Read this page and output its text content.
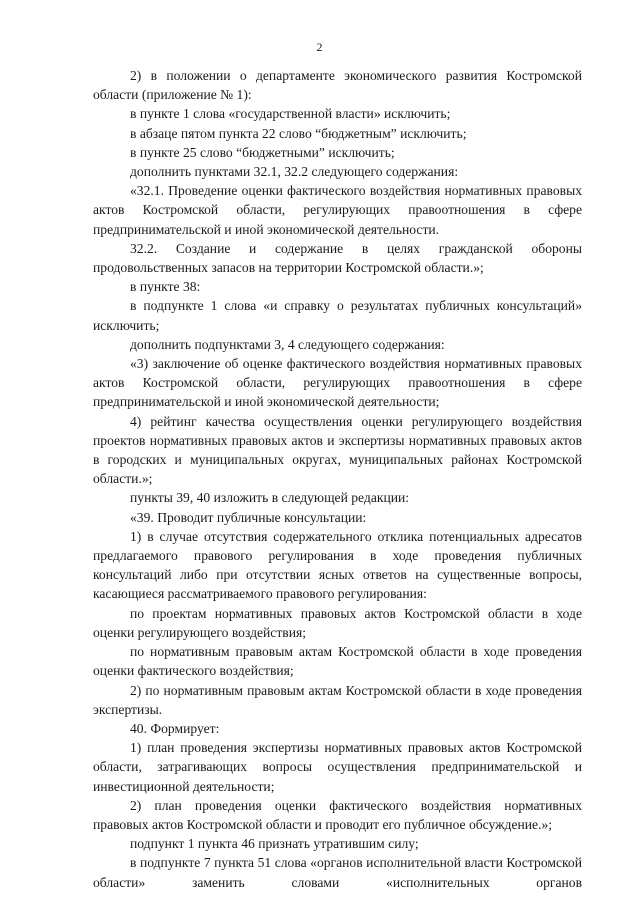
2

2) в положении о департаменте экономического развития Костромской области (приложение № 1):

в пункте 1 слова «государственной власти» исключить;

в абзаце пятом пункта 22 слово “бюджетным” исключить;

в пункте 25 слово “бюджетными” исключить;

дополнить пунктами 32.1, 32.2 следующего содержания:

«32.1. Проведение оценки фактического воздействия нормативных правовых актов Костромской области, регулирующих правоотношения в сфере предпринимательской и иной экономической деятельности.

32.2. Создание и содержание в целях гражданской обороны продовольственных запасов на территории Костромской области.»;

в пункте 38:

в подпункте 1 слова «и справку о результатах публичных консультаций» исключить;

дополнить подпунктами 3, 4 следующего содержания:

«3) заключение об оценке фактического воздействия нормативных правовых актов Костромской области, регулирующих правоотношения в сфере предпринимательской и иной экономической деятельности;

4) рейтинг качества осуществления оценки регулирующего воздействия проектов нормативных правовых актов и экспертизы нормативных правовых актов в городских и муниципальных округах, муниципальных районах Костромской области.»;

пункты 39, 40 изложить в следующей редакции:

«39. Проводит публичные консультации:

1) в случае отсутствия содержательного отклика потенциальных адресатов предлагаемого правового регулирования в ходе проведения публичных консультаций либо при отсутствии ясных ответов на существенные вопросы, касающиеся рассматриваемого правового регулирования:

по проектам нормативных правовых актов Костромской области в ходе оценки регулирующего воздействия;

по нормативным правовым актам Костромской области в ходе проведения оценки фактического воздействия;

2) по нормативным правовым актам Костромской области в ходе проведения экспертизы.

40. Формирует:

1) план проведения экспертизы нормативных правовых актов Костромской области, затрагивающих вопросы осуществления предпринимательской и инвестиционной деятельности;

2) план проведения оценки фактического воздействия нормативных правовых актов Костромской области и проводит его публичное обсуждение.»;

подпункт 1 пункта 46 признать утратившим силу;

в подпункте 7 пункта 51 слова «органов исполнительной власти Костромской области» заменить словами «исполнительных органов
